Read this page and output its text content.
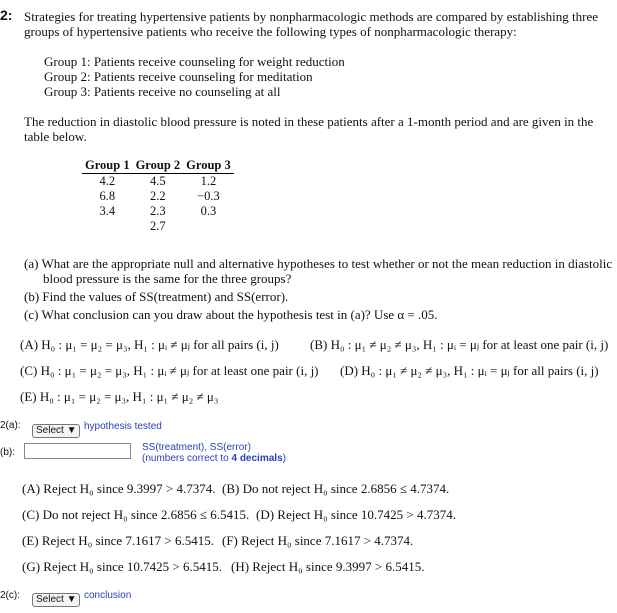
2: Strategies for treating hypertensive patients by nonpharmacologic methods are compared by establishing three
groups of hypertensive patients who receive the following types of nonpharmacologic therapy:
Group 1: Patients receive counseling for weight reduction
Group 2: Patients receive counseling for meditation
Group 3: Patients receive no counseling at all
The reduction in diastolic blood pressure is noted in these patients after a 1-month period and are given in the
table below.
Group 1	Group 2	Group 3
4.2	4.5	1.2
6.8	2.2	−0.3
3.4	2.3	0.3
	2.7	
(a) What are the appropriate null and alternative hypotheses to test whether or not the mean reduction in diastolic
blood pressure is the same for the three groups?
(b) Find the values of SS(treatment) and SS(error).
(c) What conclusion can you draw about the hypothesis test in (a)? Use α = .05.
(A) H₀ : μ₁ = μ₂ = μ₃, H₁ : μᵢ ≠ μⱼ for all pairs (i, j) (B) H₀ : μ₁ ≠ μ₂ ≠ μ₃, H₁ : μᵢ = μⱼ for at least one pair (i, j)
(C) H₀ : μ₁ = μ₂ = μ₃, H₁ : μᵢ ≠ μⱼ for at least one pair (i, j) (D) H₀ : μ₁ ≠ μ₂ ≠ μ₃, H₁ : μᵢ = μⱼ for all pairs (i, j)
(E) H₀ : μ₁ = μ₂ = μ₃, H₁ : μ₁ ≠ μ₂ ≠ μ₃
2(a):	Select ▼ hypothesis tested
(b):	SS(treatment), SS(error)
(numbers correct to 4 decimals)
(A) Reject H₀ since 9.3997 > 4.7374. (B) Do not reject H₀ since 2.6856 ≤ 4.7374.
(C) Do not reject H₀ since 2.6856 ≤ 6.5415. (D) Reject H₀ since 10.7425 > 4.7374.
(E) Reject H₀ since 7.1617 > 6.5415. (F) Reject H₀ since 7.1617 > 4.7374.
(G) Reject H₀ since 10.7425 > 6.5415. (H) Reject H₀ since 9.3997 > 6.5415.
2(c):	Select ▼ conclusion
